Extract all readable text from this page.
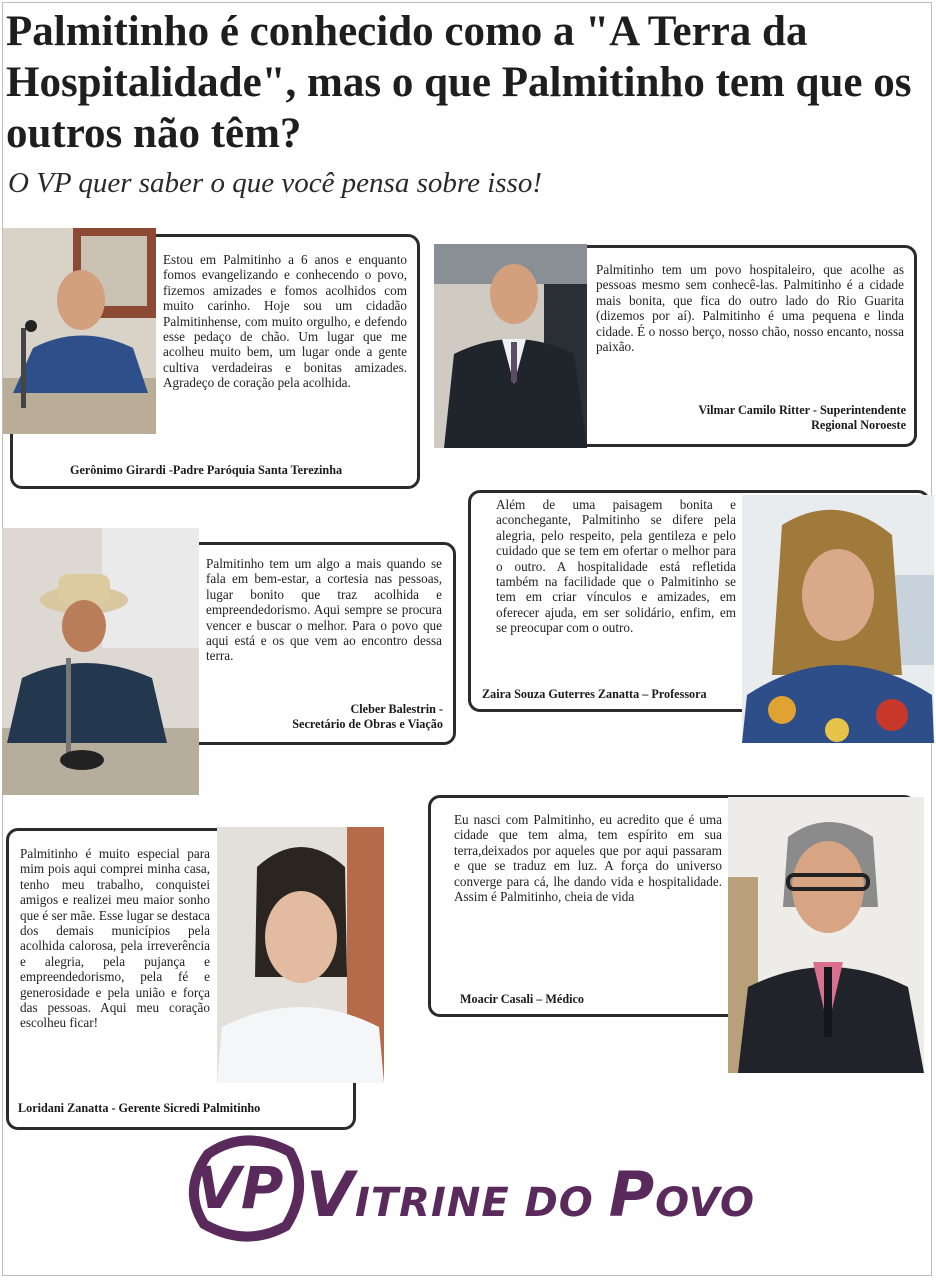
Palmitinho é conhecido como a "A Terra da Hospitalidade", mas o que Palmitinho tem que os outros não têm?

O VP quer saber o que você pensa sobre isso!

Estou em Palmitinho a 6 anos e enquanto fomos evangelizando e conhecendo o povo, fizemos amizades e fomos acolhidos com muito carinho. Hoje sou um cidadão Palmitinhense, com muito orgulho, e defendo esse pedaço de chão. Um lugar que me acolheu muito bem, um lugar onde a gente cultiva verdadeiras e bonitas amizades. Agradeço de coração pela acolhida.

Gerônimo Girardi -Padre Paróquia Santa Terezinha

Palmitinho tem um povo hospitaleiro, que acolhe as pessoas mesmo sem conhecê-las. Palmitinho é a cidade mais bonita, que fica do outro lado do Rio Guarita (dizemos por aí). Palmitinho é uma pequena e linda cidade. É o nosso berço, nosso chão, nosso encanto, nossa paixão.

Vilmar Camilo Ritter - Superintendente

Regional Noroeste

Palmitinho tem um algo a mais quando se fala em bem-estar, a cortesia nas pessoas, lugar bonito que traz acolhida e empreendedorismo. Aqui sempre se procura vencer e buscar o melhor. Para o povo que aqui está e os que vem ao encontro dessa terra.

Cleber Balestrin -

Secretário de Obras e Viação

Além de uma paisagem bonita e aconchegante, Palmitinho se difere pela alegria, pelo respeito, pela gentileza e pelo cuidado que se tem em ofertar o melhor para o outro. A hospitalidade está refletida também na facilidade que o Palmitinho se tem em criar vínculos e amizades, em oferecer ajuda, em ser solidário, enfim, em se preocupar com o outro.

Zaira Souza Guterres Zanatta – Professora

Palmitinho é muito especial para mim pois aqui comprei minha casa, tenho meu trabalho, conquistei amigos e realizei meu maior sonho que é ser mãe. Esse lugar se destaca dos demais municípios pela acolhida calorosa, pela irreverência e alegria, pela pujança e empreendedorismo, pela fé e generosidade e pela união e força das pessoas. Aqui meu coração escolheu ficar!

Loridani Zanatta - Gerente Sicredi Palmitinho

Eu nasci com Palmitinho, eu acredito que é uma cidade que tem alma, tem espírito em sua terra,deixados por aqueles que por aqui passaram e que se traduz em luz. A força do universo converge para cá, lhe dando vida e hospitalidade. Assim é Palmitinho, cheia de vida

Moacir Casali – Médico

VP VITRINE DO POVO
